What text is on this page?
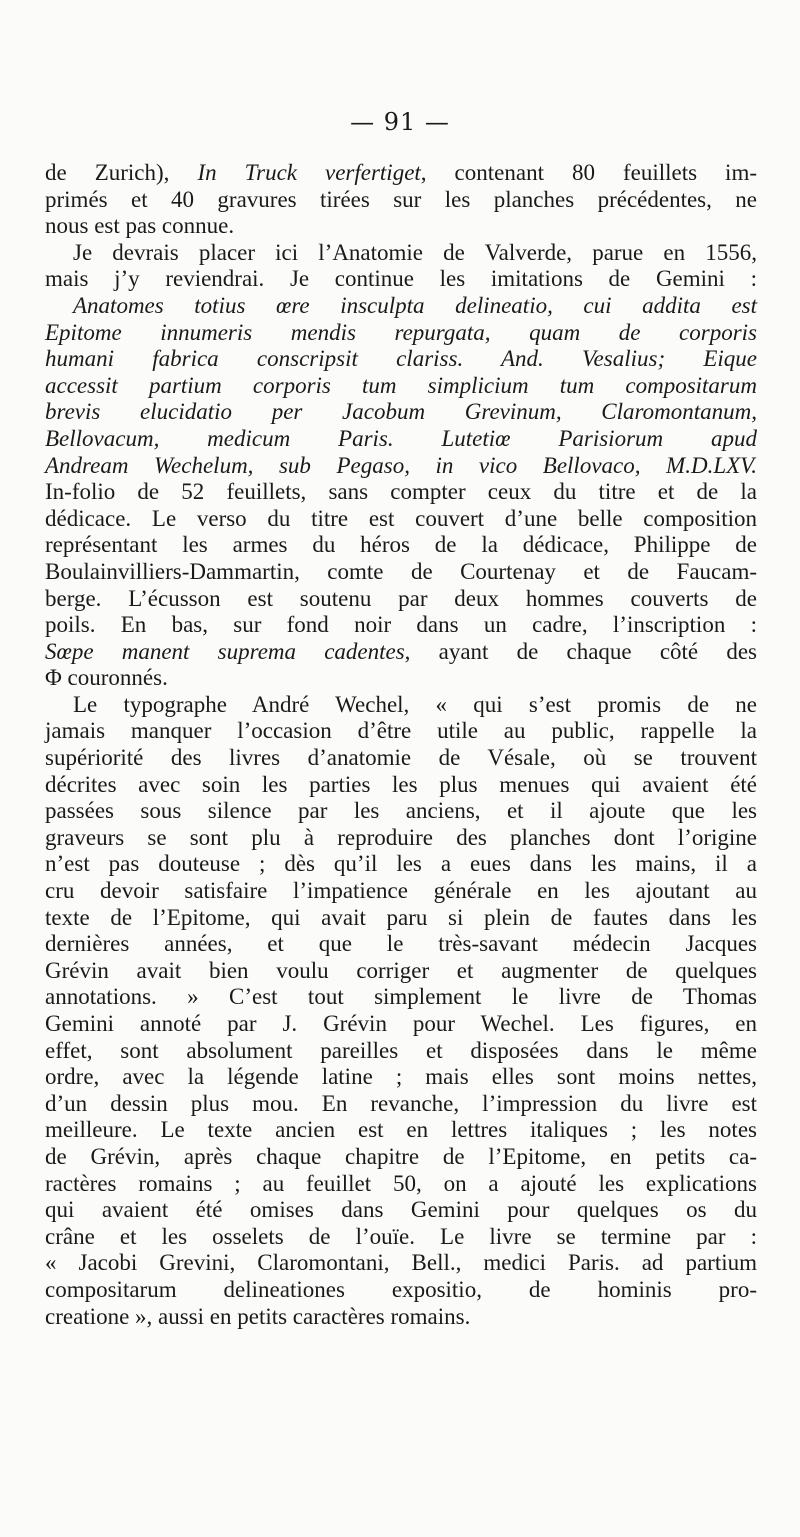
— 91 —
de Zurich), In Truck verfertiget, contenant 80 feuillets im-
primés et 40 gravures tirées sur les planches précédentes, ne
nous est pas connue.
Je devrais placer ici l’Anatomie de Valverde, parue en 1556,
mais j’y reviendrai. Je continue les imitations de Gemini :
Anatomes totius œre insculpta delineatio, cui addita est
Epitome innumeris mendis repurgata, quam de corporis
humani fabrica conscripsit clariss. And. Vesalius; Eique
accessit partium corporis tum simplicium tum compositarum
brevis elucidatio per Jacobum Grevinum, Claromontanum,
Bellovacum, medicum Paris. Lutetiœ Parisiorum apud
Andream Wechelum, sub Pegaso, in vico Bellovaco, M.D.LXV.
In-folio de 52 feuillets, sans compter ceux du titre et de la
dédicace. Le verso du titre est couvert d’une belle composition
représentant les armes du héros de la dédicace, Philippe de
Boulainvilliers-Dammartin, comte de Courtenay et de Faucam-
berge. L’écusson est soutenu par deux hommes couverts de
poils. En bas, sur fond noir dans un cadre, l’inscription :
Sœpe manent suprema cadentes, ayant de chaque côté des
Φ couronnés.
Le typographe André Wechel, « qui s’est promis de ne
jamais manquer l’occasion d’être utile au public, rappelle la
supériorité des livres d’anatomie de Vésale, où se trouvent
décrites avec soin les parties les plus menues qui avaient été
passées sous silence par les anciens, et il ajoute que les
graveurs se sont plu à reproduire des planches dont l’origine
n’est pas douteuse ; dès qu’il les a eues dans les mains, il a
cru devoir satisfaire l’impatience générale en les ajoutant au
texte de l’Epitome, qui avait paru si plein de fautes dans les
dernières années, et que le très-savant médecin Jacques
Grévin avait bien voulu corriger et augmenter de quelques
annotations. » C’est tout simplement le livre de Thomas
Gemini annoté par J. Grévin pour Wechel. Les figures, en
effet, sont absolument pareilles et disposées dans le même
ordre, avec la légende latine ; mais elles sont moins nettes,
d’un dessin plus mou. En revanche, l’impression du livre est
meilleure. Le texte ancien est en lettres italiques ; les notes
de Grévin, après chaque chapitre de l’Epitome, en petits ca-
ractères romains ; au feuillet 50, on a ajouté les explications
qui avaient été omises dans Gemini pour quelques os du
crâne et les osselets de l’ouïe. Le livre se termine par :
« Jacobi Grevini, Claromontani, Bell., medici Paris. ad partium
compositarum delineationes expositio, de hominis pro-
creatione », aussi en petits caractères romains.
